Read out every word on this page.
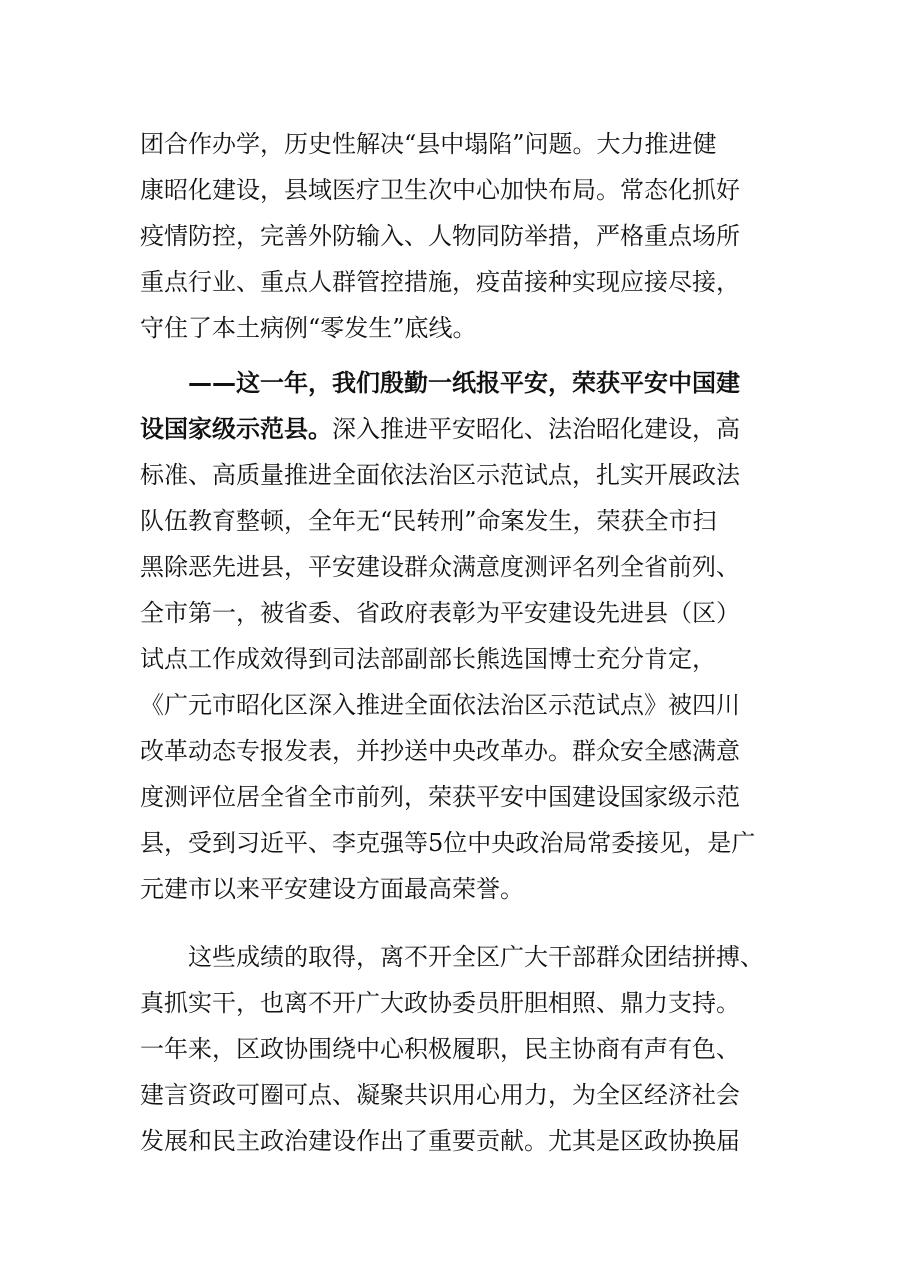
团合作办学，历史性解决“县中塌陷”问题。大力推进健
康昭化建设，县域医疗卫生次中心加快布局。常态化抓好
疫情防控，完善外防输入、人物同防举措，严格重点场所
重点行业、重点人群管控措施，疫苗接种实现应接尽接，
守住了本土病例“零发生”底线。
——这一年，我们殷勤一纸报平安，荣获平安中国建
设国家级示范县。深入推进平安昭化、法治昭化建设，高
标准、高质量推进全面依法治区示范试点，扎实开展政法
队伍教育整顿，全年无“民转刑”命案发生，荣获全市扫
黑除恶先进县，平安建设群众满意度测评名列全省前列、
全市第一，被省委、省政府表彰为平安建设先进县（区）
试点工作成效得到司法部副部长熊选国博士充分肯定，
《广元市昭化区深入推进全面依法治区示范试点》被四川
改革动态专报发表，并抄送中央改革办。群众安全感满意
度测评位居全省全市前列，荣获平安中国建设国家级示范
县，受到习近平、李克强等5位中央政治局常委接见，是广
元建市以来平安建设方面最高荣誉。
这些成绩的取得，离不开全区广大干部群众团结拼搏、
真抓实干，也离不开广大政协委员肝胆相照、鼎力支持。
一年来，区政协围绕中心积极履职，民主协商有声有色、
建言资政可圈可点、凝聚共识用心用力，为全区经济社会
发展和民主政治建设作出了重要贡献。尤其是区政协换届
